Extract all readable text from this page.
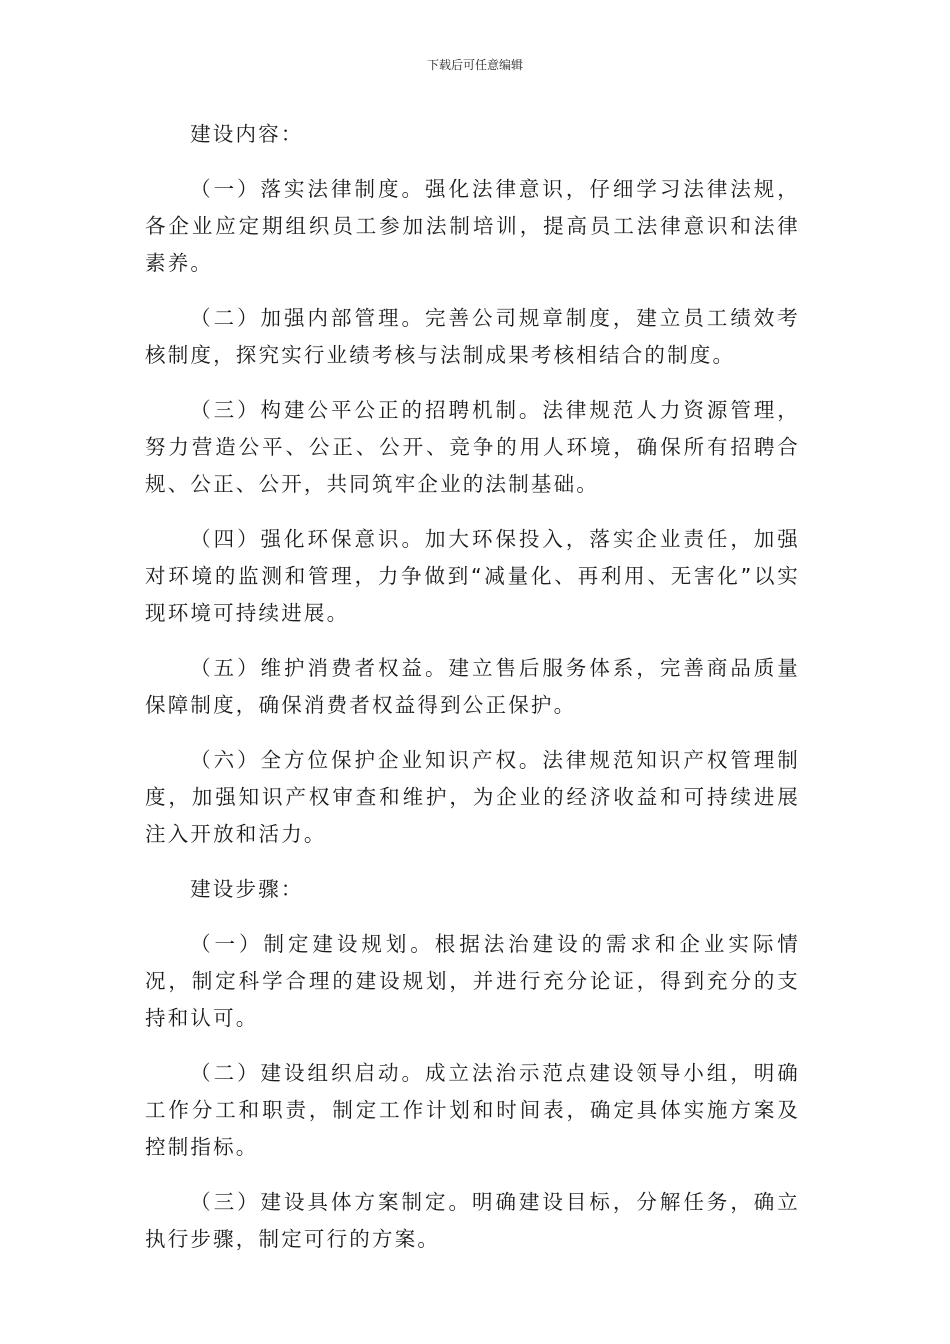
下载后可任意编辑

建设内容：

（一）落实法律制度。强化法律意识，仔细学习法律法规，各企业应定期组织员工参加法制培训，提高员工法律意识和法律素养。

（二）加强内部管理。完善公司规章制度，建立员工绩效考核制度，探究实行业绩考核与法制成果考核相结合的制度。

（三）构建公平公正的招聘机制。法律规范人力资源管理，努力营造公平、公正、公开、竞争的用人环境，确保所有招聘合规、公正、公开，共同筑牢企业的法制基础。

（四）强化环保意识。加大环保投入，落实企业责任，加强对环境的监测和管理，力争做到“减量化、再利用、无害化”以实现环境可持续进展。

（五）维护消费者权益。建立售后服务体系，完善商品质量保障制度，确保消费者权益得到公正保护。

（六）全方位保护企业知识产权。法律规范知识产权管理制度，加强知识产权审查和维护，为企业的经济收益和可持续进展注入开放和活力。

建设步骤：

（一）制定建设规划。根据法治建设的需求和企业实际情况，制定科学合理的建设规划，并进行充分论证，得到充分的支持和认可。

（二）建设组织启动。成立法治示范点建设领导小组，明确工作分工和职责，制定工作计划和时间表，确定具体实施方案及控制指标。

（三）建设具体方案制定。明确建设目标，分解任务，确立执行步骤，制定可行的方案。
